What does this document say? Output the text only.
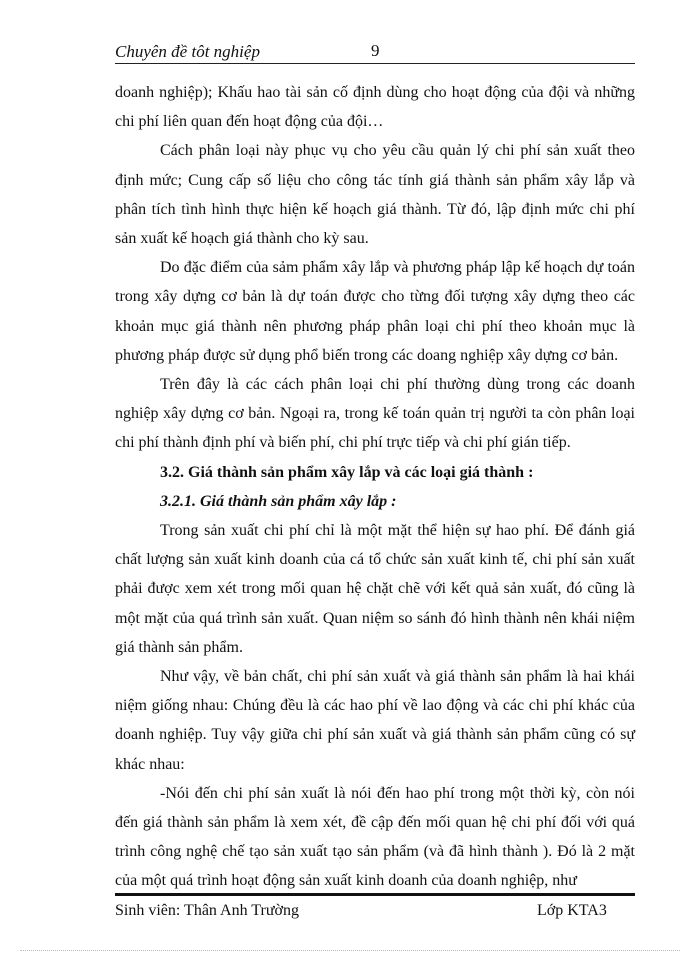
Chuyên đề tôt nghiệp	9

doanh nghiệp); Khấu hao tài sản cố định dùng cho hoạt động của đội và những chi phí liên quan đến hoạt động của đội…

Cách phân loại này phục vụ cho yêu cầu quản lý chi phí sản xuất theo định mức; Cung cấp số liệu cho công tác tính giá thành sản phẩm xây lắp và phân tích tình hình thực hiện kế hoạch giá thành. Từ đó, lập định mức chi phí sản xuất kế hoạch giá thành cho kỳ sau.

Do đặc điểm của sảm phẩm xây lắp và phương pháp lập kế hoạch dự toán trong xây dựng cơ bản là dự toán được cho từng đối tượng xây dựng theo các khoản mục giá thành nên phương pháp phân loại chi phí theo khoản mục là phương pháp được sử dụng phổ biến trong các doang nghiệp xây dựng cơ bản.

Trên đây là các cách phân loại chi phí thường dùng trong các doanh nghiệp xây dựng cơ bản. Ngoại ra, trong kế toán quản trị người ta còn phân loại chi phí thành định phí và biến phí, chi phí trực tiếp và chi phí gián tiếp.

3.2. Giá thành sản phẩm xây lắp và các loại giá thành :

3.2.1. Giá thành sản phẩm xây lắp :

Trong sản xuất chi phí chỉ là một mặt thể hiện sự hao phí. Để đánh giá chất lượng sản xuất kinh doanh của cá tổ chức sản xuất kinh tế, chi phí sản xuất phải được xem xét trong mối quan hệ chặt chẽ với kết quả sản xuất, đó cũng là một mặt của quá trình sản xuất. Quan niệm so sánh đó hình thành nên khái niệm giá thành sản phẩm.

Như vậy, về bản chất, chi phí sản xuất và giá thành sản phẩm là hai khái niệm giống nhau: Chúng đều là các hao phí về lao động và các chi phí khác của doanh nghiệp. Tuy vậy giữa chi phí sản xuất và giá thành sản phẩm cũng có sự khác nhau:

-Nói đến chi phí sản xuất là nói đến hao phí trong một thời kỳ, còn nói đến giá thành sản phẩm là xem xét, đề cập đến mối quan hệ chi phí đối với quá trình công nghệ chế tạo sản xuất tạo sản phẩm (và đã hình thành ). Đó là 2 mặt của một quá trình hoạt động sản xuất kinh doanh của doanh nghiệp, như

Sinh viên: Thân Anh Trường	Lớp KTA3
